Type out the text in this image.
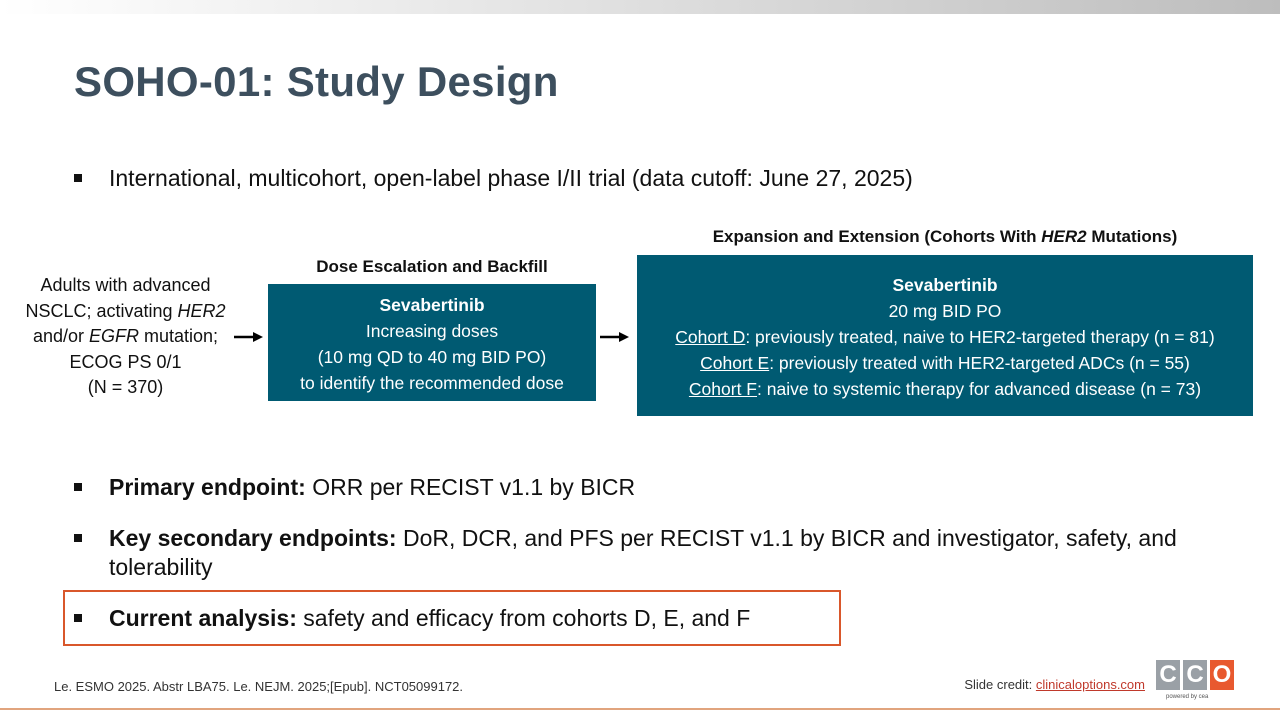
SOHO-01: Study Design
International, multicohort, open-label phase I/II trial (data cutoff: June 27, 2025)
Adults with advanced
NSCLC; activating HER2
and/or EGFR mutation;
ECOG PS 0/1
(N = 370)
Dose Escalation and Backfill
Sevabertinib
Increasing doses
(10 mg QD to 40 mg BID PO)
to identify the recommended dose
Expansion and Extension (Cohorts With HER2 Mutations)
Sevabertinib
20 mg BID PO
Cohort D: previously treated, naive to HER2-targeted therapy (n = 81)
Cohort E: previously treated with HER2-targeted ADCs (n = 55)
Cohort F: naive to systemic therapy for advanced disease (n = 73)
Primary endpoint: ORR per RECIST v1.1 by BICR
Key secondary endpoints: DoR, DCR, and PFS per RECIST v1.1 by BICR and investigator, safety, and tolerability
Current analysis: safety and efficacy from cohorts D, E, and F
Le. ESMO 2025. Abstr LBA75. Le. NEJM. 2025;[Epub]. NCT05099172.	Slide credit: clinicaloptions.com C C O
powered by cea
